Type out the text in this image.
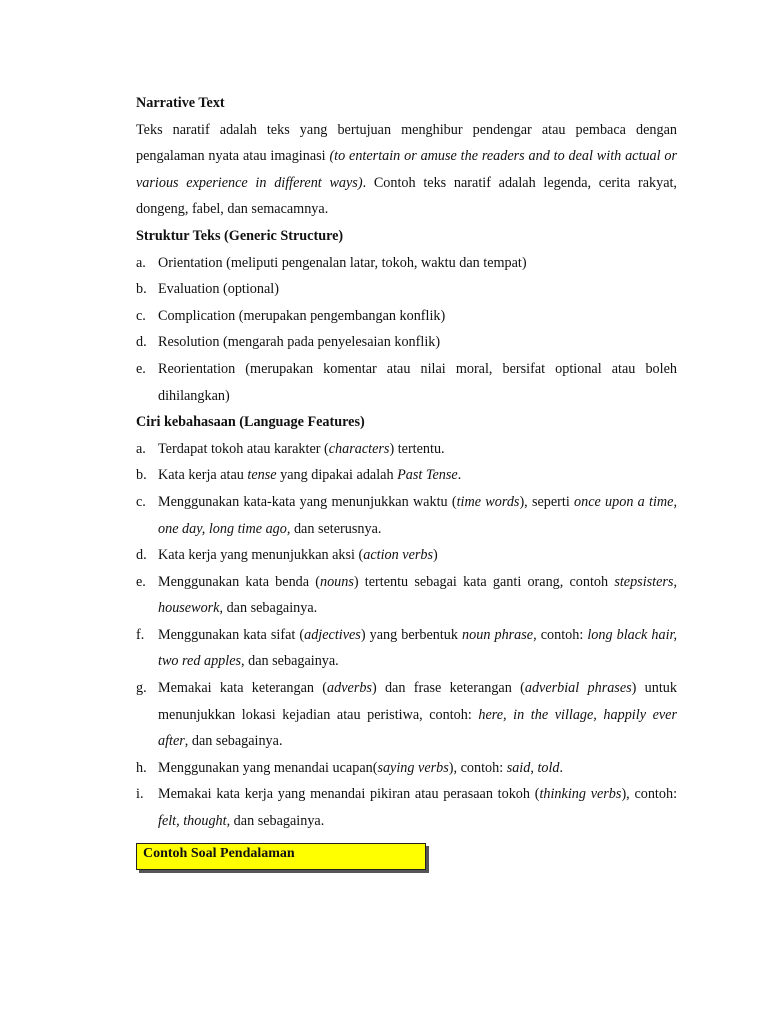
Narrative Text
Teks naratif adalah teks yang bertujuan menghibur pendengar atau pembaca dengan pengalaman nyata atau imaginasi (to entertain or amuse the readers and to deal with actual or various experience in different ways). Contoh teks naratif adalah legenda, cerita rakyat, dongeng, fabel, dan semacamnya.
Struktur Teks (Generic Structure)
a. Orientation (meliputi pengenalan latar, tokoh, waktu dan tempat)
b. Evaluation (optional)
c. Complication (merupakan pengembangan konflik)
d. Resolution (mengarah pada penyelesaian konflik)
e. Reorientation (merupakan komentar atau nilai moral, bersifat optional atau boleh dihilangkan)
Ciri kebahasaan (Language Features)
a. Terdapat tokoh atau karakter (characters) tertentu.
b. Kata kerja atau tense yang dipakai adalah Past Tense.
c. Menggunakan kata-kata yang menunjukkan waktu (time words), seperti once upon a time, one day, long time ago, dan seterusnya.
d. Kata kerja yang menunjukkan aksi (action verbs)
e. Menggunakan kata benda (nouns) tertentu sebagai kata ganti orang, contoh stepsisters, housework, dan sebagainya.
f. Menggunakan kata sifat (adjectives) yang berbentuk noun phrase, contoh: long black hair, two red apples, dan sebagainya.
g. Memakai kata keterangan (adverbs) dan frase keterangan (adverbial phrases) untuk menunjukkan lokasi kejadian atau peristiwa, contoh: here, in the village, happily ever after, dan sebagainya.
h. Menggunakan yang menandai ucapan(saying verbs), contoh: said, told.
i. Memakai kata kerja yang menandai pikiran atau perasaan tokoh (thinking verbs), contoh: felt, thought, dan sebagainya.
Contoh Soal Pendalaman
